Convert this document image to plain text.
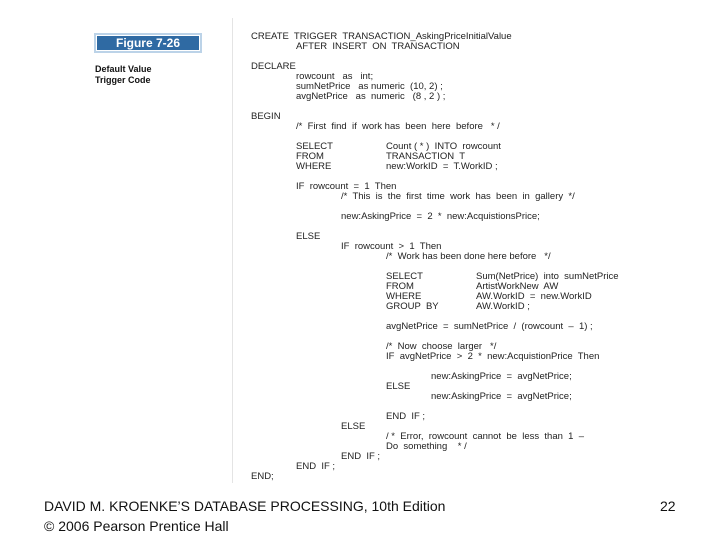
Figure 7-26
Default Value
Trigger Code
CREATE  TRIGGER  TRANSACTION_AskingPriceInitialValue
AFTER  INSERT  ON  TRANSACTION
DECLARE
rowcount   as   int;
sumNetPrice   as numeric  (10, 2) ;
avgNetPrice   as  numeric   (8 , 2 ) ;
BEGIN
/*  First  find  if  work has  been  here  before   * /
SELECT	Count ( * )  INTO  rowcount
FROM	TRANSACTION  T
WHERE	new:WorkID  =  T.WorkID ;
IF  rowcount  =  1  Then
/*  This  is  the  first  time  work  has  been  in  gallery  */
new:AskingPrice  =  2  *  new:AcquistionsPrice;
ELSE
IF  rowcount  >  1  Then
/*  Work has been done here before   */
SELECT	Sum(NetPrice)  into  sumNetPrice
FROM	ArtistWorkNew  AW
WHERE	AW.WorkID  =  new.WorkID
GROUP  BY	AW.WorkID ;
avgNetPrice  =  sumNetPrice  /  (rowcount  –  1) ;
/*  Now  choose  larger   */
IF  avgNetPrice  >  2  *  new:AcquistionPrice  Then
new:AskingPrice  =  avgNetPrice;
ELSE
new:AskingPrice  =  avgNetPrice;
END  IF ;
ELSE
/ *  Error,  rowcount  cannot  be  less  than  1  –
Do  something    * /
END  IF ;
END  IF ;
END;
DAVID M. KROENKE’S DATABASE PROCESSING, 10th Edition
© 2006 Pearson Prentice Hall
22
